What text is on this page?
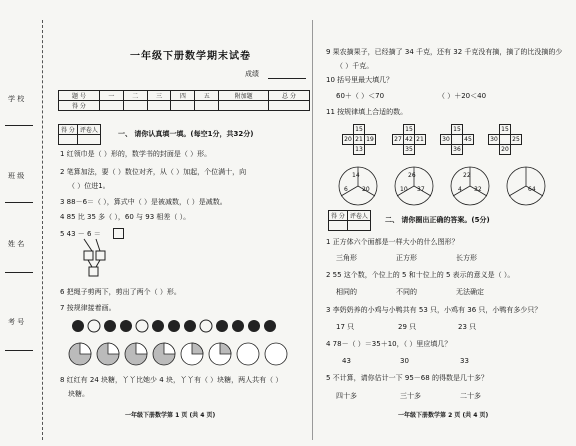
学 校
班 级
姓 名
考 号
一年级下册数学期末试卷
成绩
题 号	一	二	三	四	五	附加题	总 分
得 分							
得 分	评卷人
		一、 请你认真填一填。(每空1分，共32分)
1 红领巾是（ ）形的，数学书的封面是（ ）形。
2 笔算加法，要（ ）数位对齐，从（ ）加起，个位满十，向
（ ）位进1。
3 88－6＝（ ），算式中（ ）是被减数，（ ）是减数。
4 85 比 35 多（ ），60 与 93 相差（ ）。
5 43 － 6 ＝
6 把绳子剪两下，剪出了两个（ ）形。
7 按规律接着画。
8 红红有 24 块糖，丫丫比她少 4 块，丫丫有（ ）块糖，两人共有（ ）
块糖。
一年级下册数学第 1 页 (共 4 页)
9 果农摘果子，已经摘了 34 千克，还有 32 千克没有摘，摘了的比没摘的少
（ ）千克。
10 括号里最大填几？
60＋（ ）＜70	（ ）＋20＜40
11 按规律填上合适的数。
	15	
20	21	19
	13	
	15	
27	42	21
	35	
	15	
30		45
	36	
	15	
30		25
	20	
14
6 20
26
10 37
22
32
4	64
得 分	评卷人
	二、 请你圈出正确的答案。(5分)
1 正方体六个面都是一样大小的什么图形？
三角形	正方形	长方形
2 55 这个数，个位上的 5 和十位上的 5 表示的意义是（ ）。
相同的	不同的	无法确定
3 李奶奶养的小鸡与小鸭共有 53 只，小鸡有 36 只，小鸭有多少只？
17 只	29 只	23 只
4 78－（ ）＝35＋10，（ ）里应填几？
43	30	33
5 不计算，请你估计一下 95－68 的得数是几十多？
四十多	三十多	二十多
一年级下册数学第 2 页 (共 4 页)
